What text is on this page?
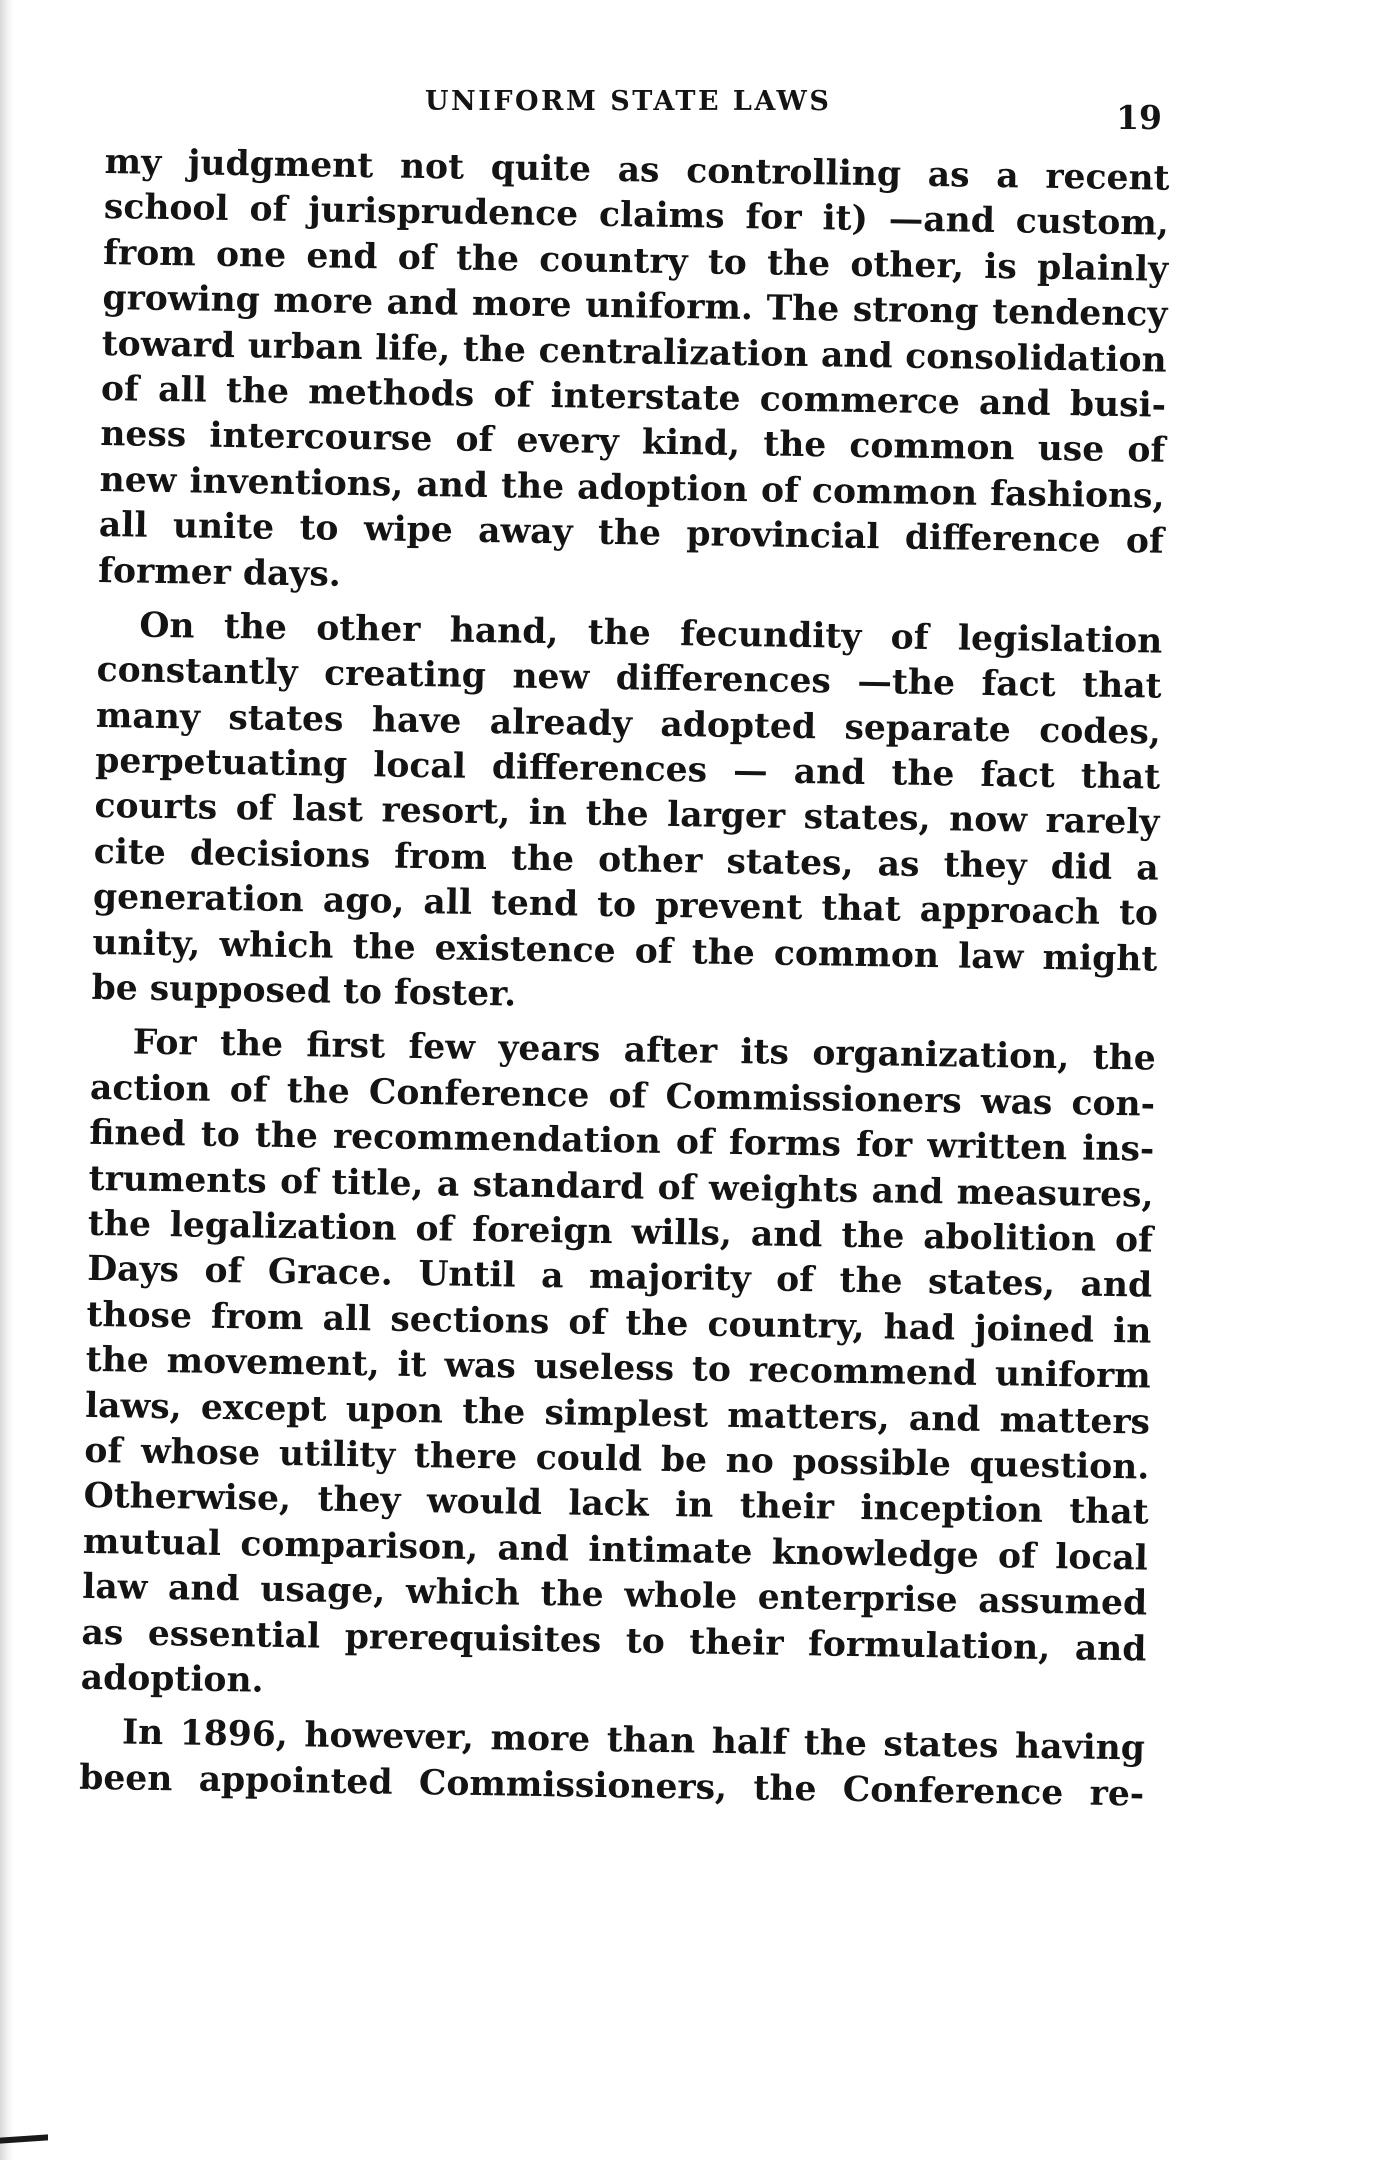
UNIFORM STATE LAWS	19
my judgment not quite as controlling as a recent
school of jurisprudence claims for it) —and custom,
from one end of the country to the other, is plainly
growing more and more uniform. The strong tendency
toward urban life, the centralization and consolidation
of all the methods of interstate commerce and busi-
ness intercourse of every kind, the common use of
new inventions, and the adoption of common fashions,
all unite to wipe away the provincial difference of
former days.
On the other hand, the fecundity of legislation
constantly creating new differences —the fact that
many states have already adopted separate codes,
perpetuating local differences — and the fact that
courts of last resort, in the larger states, now rarely
cite decisions from the other states, as they did a
generation ago, all tend to prevent that approach to
unity, which the existence of the common law might
be supposed to foster.
For the first few years after its organization, the
action of the Conference of Commissioners was con-
fined to the recommendation of forms for written ins-
truments of title, a standard of weights and measures,
the legalization of foreign wills, and the abolition of
Days of Grace. Until a majority of the states, and
those from all sections of the country, had joined in
the movement, it was useless to recommend uniform
laws, except upon the simplest matters, and matters
of whose utility there could be no possible question.
Otherwise, they would lack in their inception that
mutual comparison, and intimate knowledge of local
law and usage, which the whole enterprise assumed
as essential prerequisites to their formulation, and
adoption.
In 1896, however, more than half the states having
been appointed Commissioners, the Conference re-
